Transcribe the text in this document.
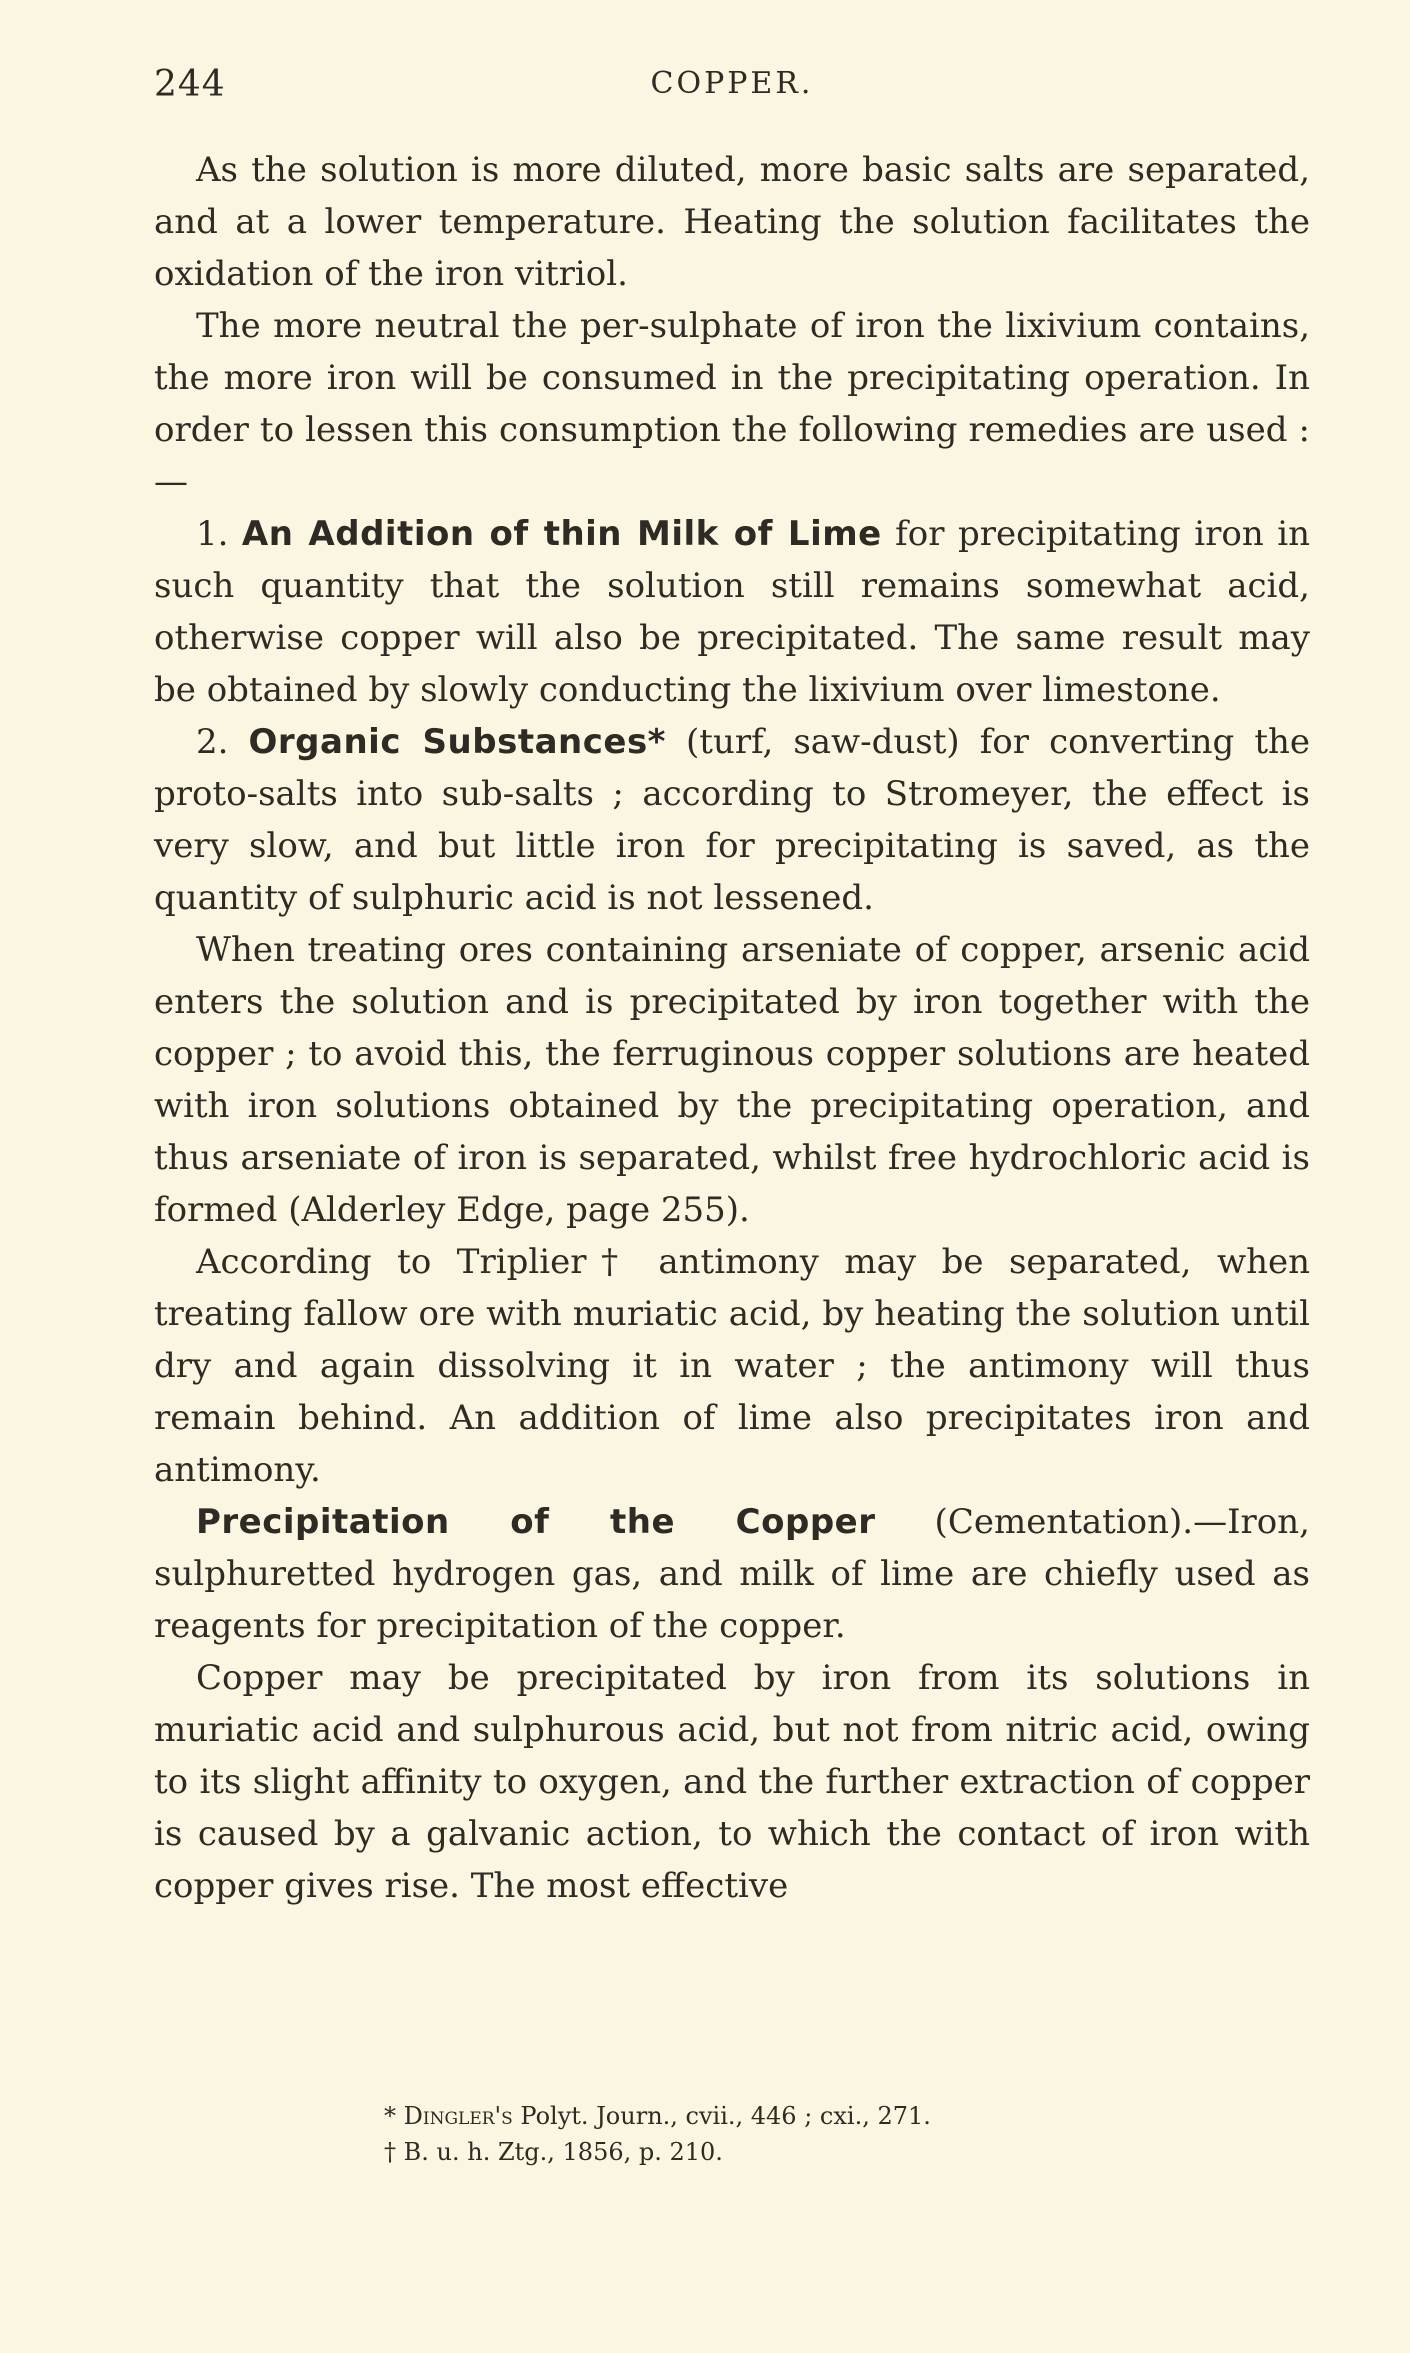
244	COPPER.

As the solution is more diluted, more basic salts are separated, and at a lower temperature. Heating the solution facilitates the oxidation of the iron vitriol.

The more neutral the per-sulphate of iron the lixivium contains, the more iron will be consumed in the precipitating operation. In order to lessen this consumption the following remedies are used :—

1. An Addition of thin Milk of Lime for precipitating iron in such quantity that the solution still remains somewhat acid, otherwise copper will also be precipitated. The same result may be obtained by slowly conducting the lixivium over limestone.

2. Organic Substances* (turf, saw-dust) for converting the proto-salts into sub-salts ; according to Stromeyer, the effect is very slow, and but little iron for precipitating is saved, as the quantity of sulphuric acid is not lessened.

When treating ores containing arseniate of copper, arsenic acid enters the solution and is precipitated by iron together with the copper ; to avoid this, the ferruginous copper solutions are heated with iron solutions obtained by the precipitating operation, and thus arseniate of iron is separated, whilst free hydrochloric acid is formed (Alderley Edge, page 255).

According to Triplier† antimony may be separated, when treating fallow ore with muriatic acid, by heating the solution until dry and again dissolving it in water ; the antimony will thus remain behind. An addition of lime also precipitates iron and antimony.

Precipitation of the Copper (Cementation).—Iron, sulphuretted hydrogen gas, and milk of lime are chiefly used as reagents for precipitation of the copper.

Copper may be precipitated by iron from its solutions in muriatic acid and sulphurous acid, but not from nitric acid, owing to its slight affinity to oxygen, and the further extraction of copper is caused by a galvanic action, to which the contact of iron with copper gives rise. The most effective

* Dingler's Polyt. Journ., cvii., 446 ; cxi., 271.
† B. u. h. Ztg., 1856, p. 210.
